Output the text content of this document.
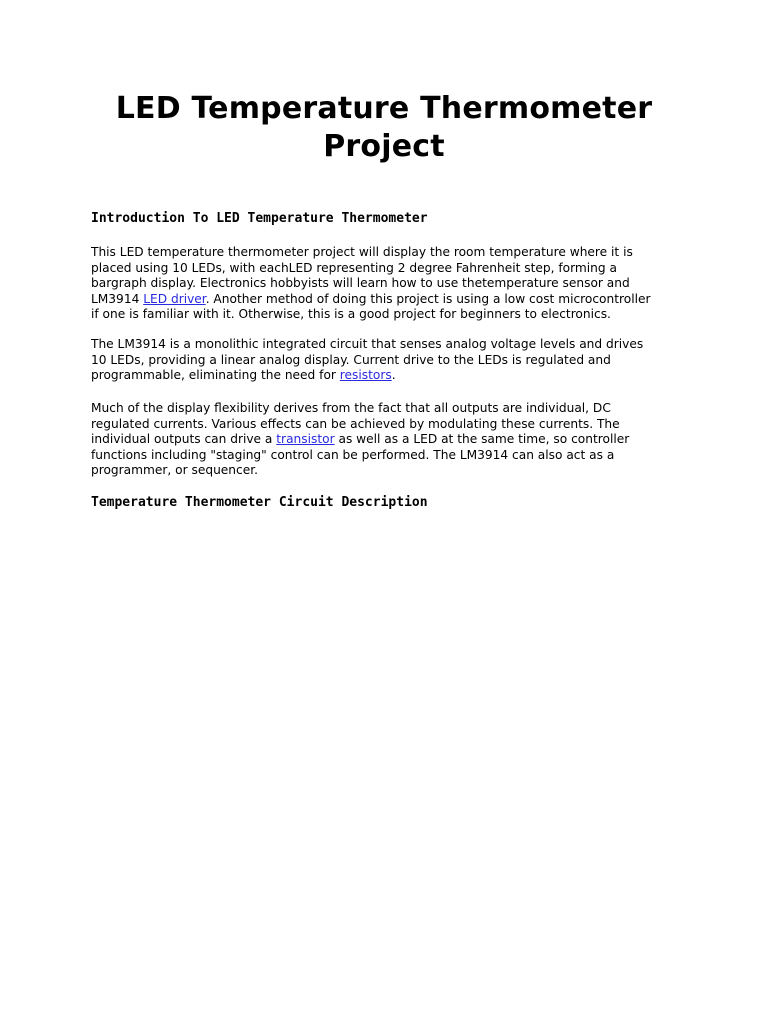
LED Temperature Thermometer
Project
Introduction To LED Temperature Thermometer

This LED temperature thermometer project will display the room temperature where it is
placed using 10 LEDs, with eachLED representing 2 degree Fahrenheit step, forming a
bargraph display. Electronics hobbyists will learn how to use thetemperature sensor and
LM3914 LED driver. Another method of doing this project is using a low cost microcontroller
if one is familiar with it. Otherwise, this is a good project for beginners to electronics.

The LM3914 is a monolithic integrated circuit that senses analog voltage levels and drives
10 LEDs, providing a linear analog display. Current drive to the LEDs is regulated and
programmable, eliminating the need for resistors.

Much of the display flexibility derives from the fact that all outputs are individual, DC
regulated currents. Various effects can be achieved by modulating these currents. The
individual outputs can drive a transistor as well as a LED at the same time, so controller
functions including "staging" control can be performed. The LM3914 can also act as a
programmer, or sequencer.

Temperature Thermometer Circuit Description
